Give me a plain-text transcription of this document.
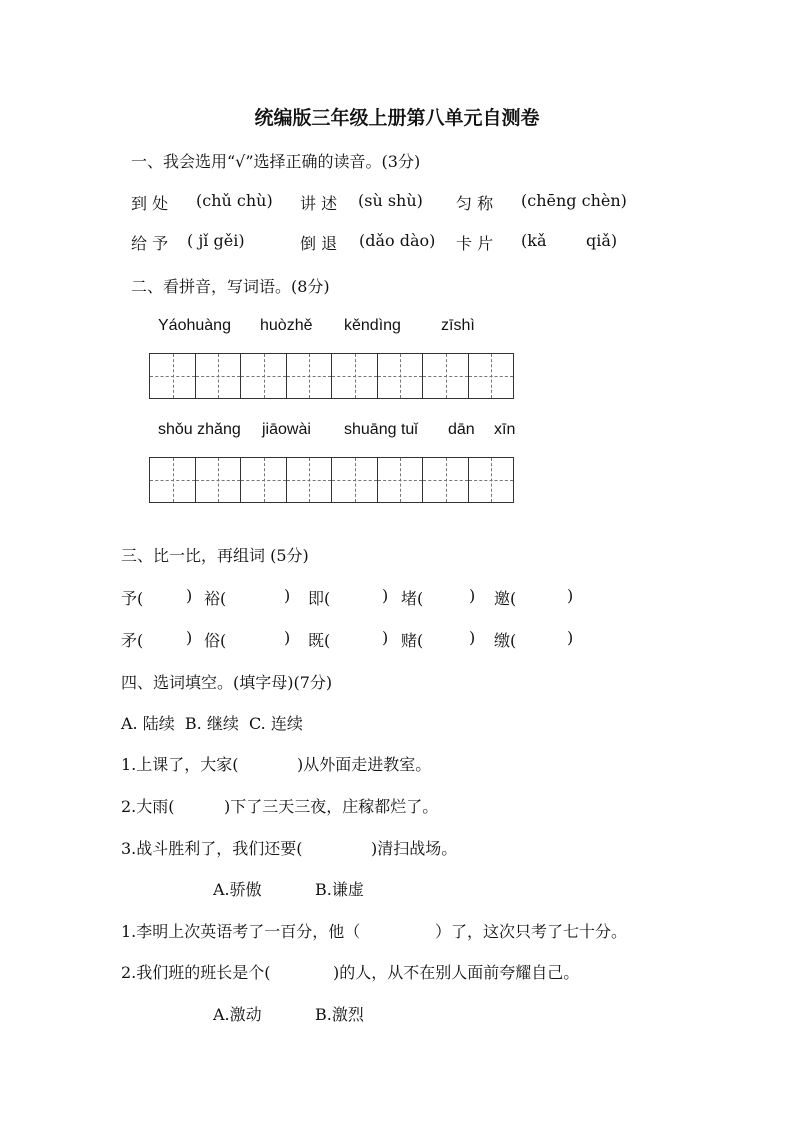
统编版三年级上册第八单元自测卷
一、我会选用“√”选择正确的读音。(3分)
到 处 (chǔ chù) 讲 述 (sù shù) 匀 称 (chēng chèn)
给 予 ( jǐ gěi)	倒 退 (dǎo dào) 卡 片 (kǎ qiǎ)
二、看拼音，写词语。(8分)
Yáohuàng huòzhě kěndìng	zīshì
shǒu zhǎng jiāowài shuāng tuǐ dān xīn
三、比一比，再组词 (5分)
予(	) 裕(	) 即(	) 堵(	) 邀(	)
矛(	) 俗(	) 既(	) 赌(	) 缴(	)
四、选词填空。(填字母)(7分)
A. 陆续  B. 继续  C. 连续
1.上课了，大家(	)从外面走进教室。
2.大雨(	)下了三天三夜，庄稼都烂了。
3.战斗胜利了，我们还要(	)清扫战场。
A.骄傲	B.谦虚
1.李明上次英语考了一百分，他（	）了，这次只考了七十分。
2.我们班的班长是个(	)的人，从不在别人面前夸耀自己。
A.激动	B.激烈
